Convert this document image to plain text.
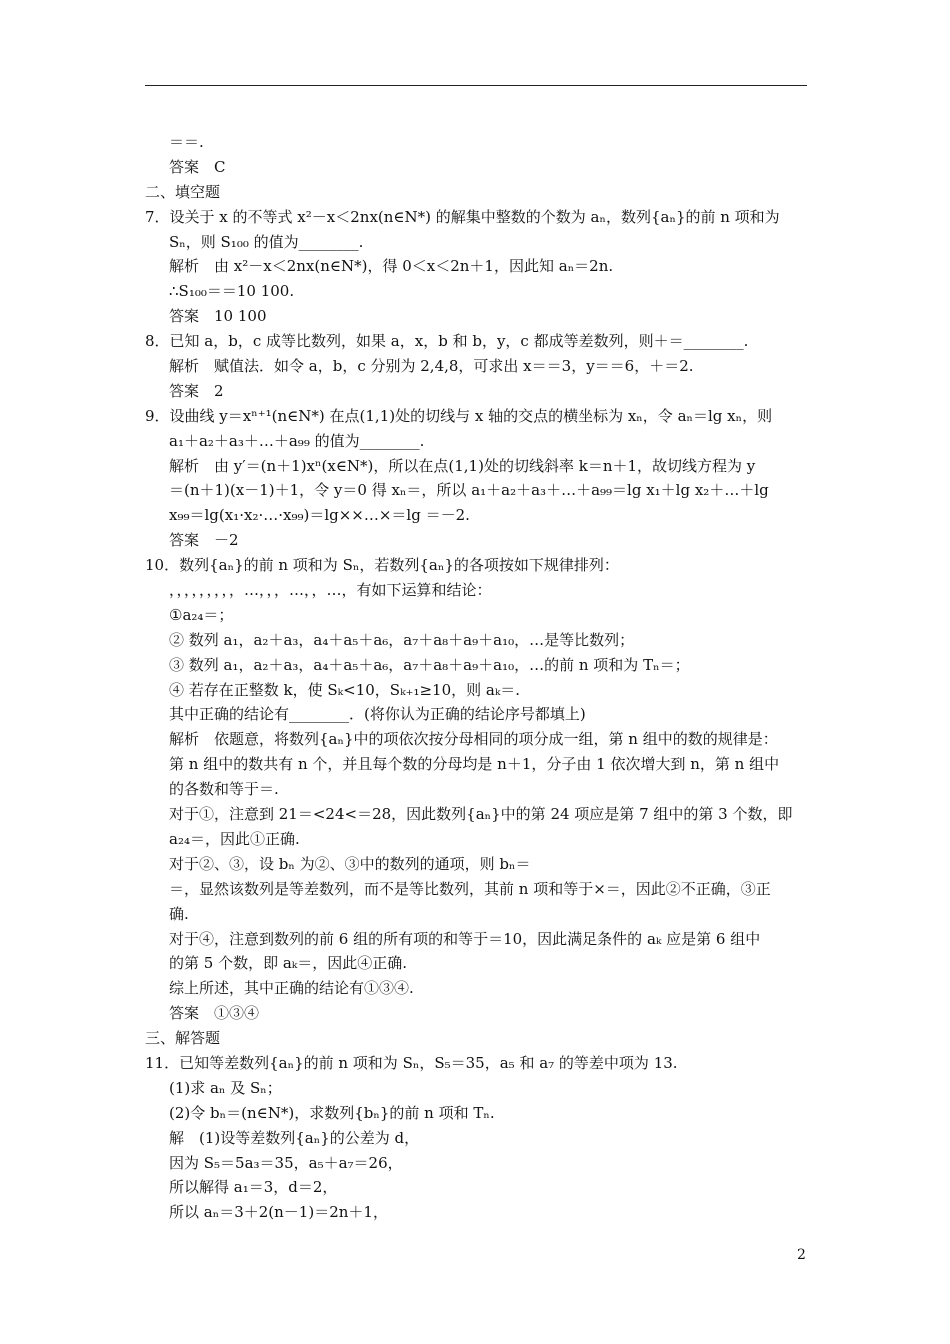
＝＝.
答案　C
二、填空题
7．设关于 x 的不等式 x²－x＜2nx(n∈N*) 的解集中整数的个数为 aₙ，数列{aₙ}的前 n 项和为
Sₙ，则 S₁₀₀ 的值为________.
解析　由 x²－x＜2nx(n∈N*)，得 0＜x＜2n＋1，因此知 aₙ＝2n.
∴S₁₀₀＝＝10 100.
答案　10 100
8．已知 a，b，c 成等比数列，如果 a，x，b 和 b，y，c 都成等差数列，则＋＝________.
解析　赋值法．如令 a，b，c 分别为 2,4,8，可求出 x＝＝3，y＝＝6，＋＝2.
答案　2
9．设曲线 y＝xⁿ⁺¹(n∈N*) 在点(1,1)处的切线与 x 轴的交点的横坐标为 xₙ，令 aₙ＝lg xₙ，则
a₁＋a₂＋a₃＋…＋a₉₉ 的值为________.
解析　由 y′＝(n＋1)xⁿ(x∈N*)，所以在点(1,1)处的切线斜率 k＝n＋1，故切线方程为 y
＝(n＋1)(x－1)＋1，令 y＝0 得 xₙ＝，所以 a₁＋a₂＋a₃＋…＋a₉₉＝lg x₁＋lg x₂＋…＋lg
x₉₉＝lg(x₁·x₂·…·x₉₉)＝lg××…×＝lg ＝－2.
答案　－2
10．数列{aₙ}的前 n 项和为 Sₙ，若数列{aₙ}的各项按如下规律排列：
，，，，，，，，，…，，，…，，…，有如下运算和结论：
①a₂₄＝；
② 数列 a₁，a₂＋a₃，a₄＋a₅＋a₆，a₇＋a₈＋a₉＋a₁₀，…是等比数列；
③ 数列 a₁，a₂＋a₃，a₄＋a₅＋a₆，a₇＋a₈＋a₉＋a₁₀，…的前 n 项和为 Tₙ＝；
④ 若存在正整数 k，使 Sₖ<10，Sₖ₊₁≥10，则 aₖ＝.
其中正确的结论有________．(将你认为正确的结论序号都填上)
解析　依题意，将数列{aₙ}中的项依次按分母相同的项分成一组，第 n 组中的数的规律是：
第 n 组中的数共有 n 个，并且每个数的分母均是 n＋1，分子由 1 依次增大到 n，第 n 组中
的各数和等于＝.
对于①，注意到 21＝<24<＝28，因此数列{aₙ}中的第 24 项应是第 7 组中的第 3 个数，即
a₂₄＝，因此①正确.
对于②、③，设 bₙ 为②、③中的数列的通项，则 bₙ＝
＝，显然该数列是等差数列，而不是等比数列，其前 n 项和等于×＝，因此②不正确，③正
确.
对于④，注意到数列的前 6 组的所有项的和等于＝10，因此满足条件的 aₖ 应是第 6 组中
的第 5 个数，即 aₖ＝，因此④正确.
综上所述，其中正确的结论有①③④.
答案　①③④
三、解答题
11．已知等差数列{aₙ}的前 n 项和为 Sₙ，S₅＝35，a₅ 和 a₇ 的等差中项为 13.
(1)求 aₙ 及 Sₙ；
(2)令 bₙ＝(n∈N*)，求数列{bₙ}的前 n 项和 Tₙ.
解　(1)设等差数列{aₙ}的公差为 d，
因为 S₅＝5a₃＝35，a₅＋a₇＝26，
所以解得 a₁＝3，d＝2，
所以 aₙ＝3＋2(n－1)＝2n＋1，
2
